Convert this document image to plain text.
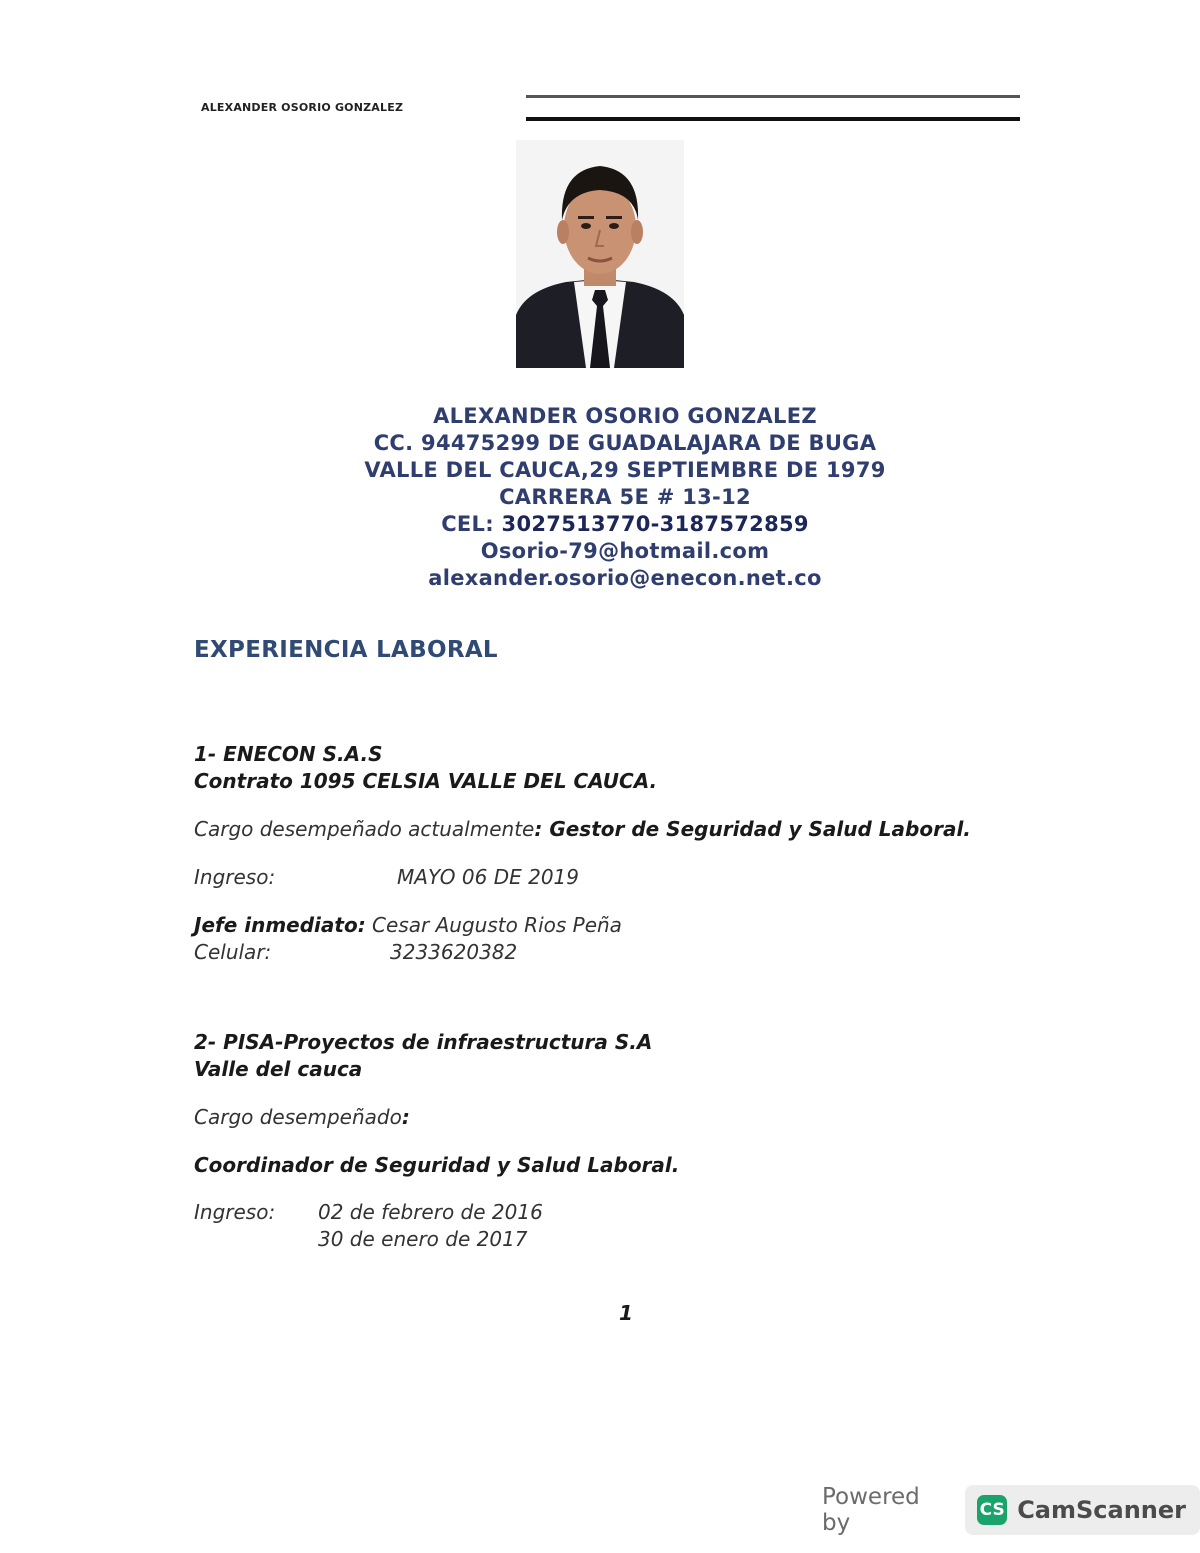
ALEXANDER OSORIO GONZALEZ
ALEXANDER OSORIO GONZALEZ
CC. 94475299 DE GUADALAJARA DE BUGA
VALLE DEL CAUCA,29 SEPTIEMBRE DE 1979
CARRERA 5E # 13-12
CEL: 3027513770-3187572859
Osorio-79@hotmail.com
alexander.osorio@enecon.net.co
EXPERIENCIA LABORAL
1- ENECON S.A.S
Contrato 1095 CELSIA VALLE DEL CAUCA.
Cargo desempeñado actualmente: Gestor de Seguridad y Salud Laboral.
Ingreso:	MAYO 06 DE 2019
Jefe inmediato: Cesar Augusto Rios Peña
Celular:	3233620382
2- PISA-Proyectos de infraestructura S.A
Valle del cauca
Cargo desempeñado:
Coordinador de Seguridad y Salud Laboral.
Ingreso: 02 de febrero de 2016
30 de enero de 2017
1
Powered by	CS CamScanner
